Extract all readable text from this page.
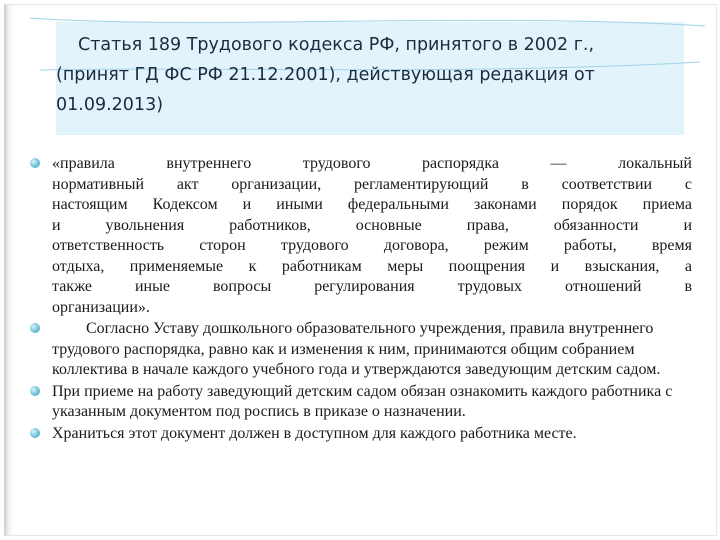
Статья 189 Трудового кодекса РФ, принятого в 2002 г.,
(принят ГД ФС РФ 21.12.2001), действующая редакция от
01.09.2013)
«правила внутреннего трудового распорядка — локальный
нормативный акт организации, регламентирующий в соответствии с
настоящим Кодексом и иными федеральными законами порядок приема
и увольнения работников, основные права, обязанности и
ответственность сторон трудового договора, режим работы, время
отдыха, применяемые к работникам меры поощрения и взыскания, а
также иные вопросы регулирования трудовых отношений в
организации».
Согласно Уставу дошкольного образовательного учреждения, правила внутреннего трудового распорядка, равно как и изменения к ним, принимаются общим собранием коллектива в начале каждого учебного года и утверждаются заведующим детским садом.
При приеме на работу заведующий детским садом обязан ознакомить каждого работника с указанным документом под роспись в приказе о назначении.
Храниться этот документ должен в доступном для каждого работника месте.
